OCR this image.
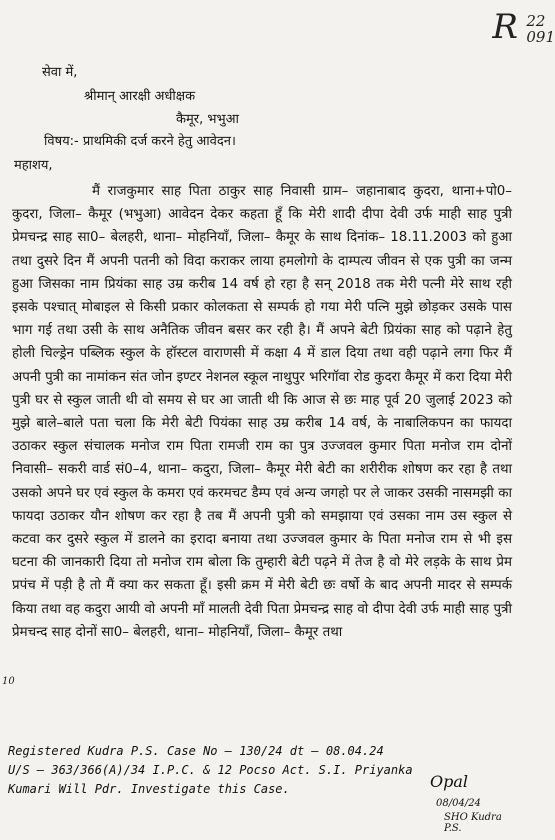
R 22
091
सेवा में,
श्रीमान् आरक्षी अधीक्षक
कैमूर, भभुआ
विषय:- प्राथमिकी दर्ज करने हेतु आवेदन।
महाशय,
मैं राजकुमार साह पिता ठाकुर साह निवासी ग्राम– जहानाबाद कुदरा, थाना+पो0– कुदरा, जिला– कैमूर (भभुआ) आवेदन देकर कहता हूँ कि मेरी शादी दीपा देवी उर्फ माही साह पुत्री प्रेमचन्द्र साह सा0– बेलहरी, थाना– मोहनियाँ, जिला– कैमूर के साथ दिनांक– 18.11.2003 को हुआ तथा दुसरे दिन मैं अपनी पतनी को विदा कराकर लाया हमलोगो के दाम्पत्य जीवन से एक पुत्री का जन्म हुआ जिसका नाम प्रियंका साह उम्र करीब 14 वर्ष हो रहा है सन् 2018 तक मेरी पत्नी मेरे साथ रही इसके पश्चात् मोबाइल से किसी प्रकार कोलकता से सम्पर्क हो गया मेरी पत्नि मुझे छोड़कर उसके पास भाग गई तथा उसी के साथ अनैतिक जीवन बसर कर रही है। मैं अपने बेटी प्रियंका साह को पढ़ाने हेतु होली चिल्ड्रेन पब्लिक स्कुल के हॉस्टल वाराणसी में कक्षा 4 में डाल दिया तथा वही पढ़ाने लगा फिर मैं अपनी पुत्री का नामांकन संत जोन इण्टर नेशनल स्कूल नाथुपुर भरिगॉवा रोड कुदरा कैमूर में करा दिया मेरी पुत्री घर से स्कुल जाती थी वो समय से घर आ जाती थी कि आज से छः माह पूर्व 20 जुलाई 2023 को मुझे बाले–बाले पता चला कि मेरी बेटी पियंका साह उम्र करीब 14 वर्ष, के नाबालिकपन का फायदा उठाकर स्कुल संचालक मनोज राम पिता रामजी राम का पुत्र उज्जवल कुमार पिता मनोज राम दोनों निवासी– सकरी वार्ड सं0–4, थाना– कदुरा, जिला– कैमूर मेरी बेटी का शरीरीक शोषण कर रहा है तथा उसको अपने घर एवं स्कुल के कमरा एवं करमचट डैम्प एवं अन्य जगहो पर ले जाकर उसकी नासमझी का फायदा उठाकर यौन शोषण कर रहा है तब मैं अपनी पुत्री को समझाया एवं उसका नाम उस स्कुल से कटवा कर दुसरे स्कुल में डालने का इरादा बनाया तथा उज्जवल कुमार के पिता मनोज राम से भी इस घटना की जानकारी दिया तो मनोज राम बोला कि तुम्हारी बेटी पढ़ने में तेज है वो मेरे लड़के के साथ प्रेम प्रपंच में पड़ी है तो मैं क्या कर सकता हूँ। इसी क्रम में मेरी बेटी छः वर्षो के बाद अपनी मादर से सम्पर्क किया तथा वह कदुरा आयी वो अपनी माँ मालती देवी पिता प्रेमचन्द्र साह वो दीपा देवी उर्फ माही साह पुत्री प्रेमचन्द साह दोनों सा0– बेलहरी, थाना– मोहनियाँ, जिला– कैमूर तथा
10
Registered Kudra P.S. Case No – 130/24 dt – 08.04.24
U/S – 363/366(A)/34 I.P.C. & 12 Pocso Act. S.I. Priyanka
Kumari Will Pdr. Investigate this Case.	Opal
08/04/24
SHO Kudra P.S.
